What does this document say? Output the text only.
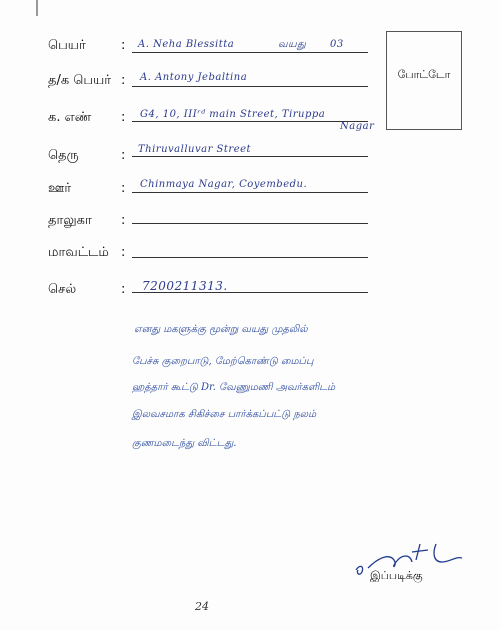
பெயர்	: A. Neha Blessitta	வயது 03
த/க பெயர் : A. Antony Jebaltina
க. எண் : G4, 10, IIIʳᵈ main Street, Tiruppa
Nagar
தெரு	: Thiruvalluvar Street
ஊர்	: Chinmaya Nagar, Coyembedu.
தாலுகா :
மாவட்டம் :
செல்	: 7200211313.
போட்டோ
எனது மகளுக்கு மூன்று வயது முதலில்
பேச்சு குறைபாடு, மேற்கொண்டு மைப்பு
ஹத்தார் கூட்டு Dr. வேணுமணி அவர்களிடம்
இலவசமாக சிகிச்சை பார்க்கப்பட்டு நலம்
குணமடைந்து விட்டது.
இப்படிக்கு
24
